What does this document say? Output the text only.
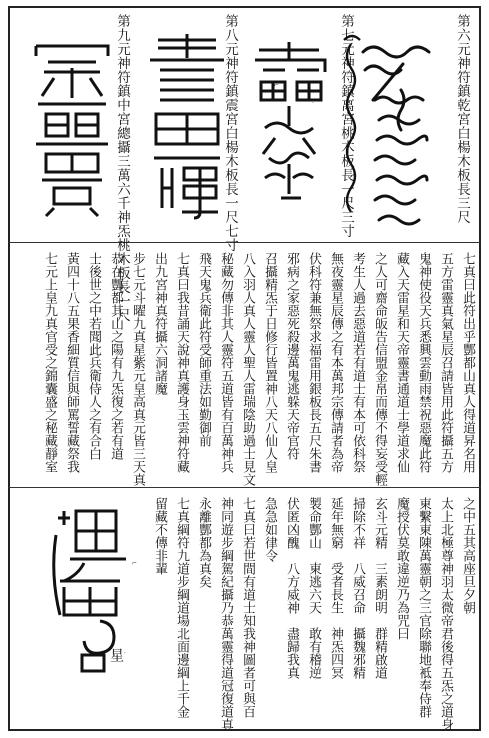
第六元神符鎮乾宮白楊木板長三尺
第七元神符鎮离宮桃木板長一尺三寸
第八元神符鎮震宮白楊木板長一尺七寸
第九元神符鎮中宮總攝三萬六千神炁桃木板長一尺	⌐
·
七真曰此符出乎酆都山真人得道昇名用
五方雷靈真氣星辰召請皆用此符攝五方
鬼神使役天兵悉興雲動雨禁祝惡魔此符
藏入天雷星和天帝靈書通道士學道求仙
之人可齋命皈告信盟金帛而傳不得妄受輕
考生人過去惡道若有道士有本可依科祭
無夜靈星辰傳之有本萬邦宗傳請者為帝
伏科符兼無祭求福雷用銀板長五尺朱書
邪病之家惡死殺邊萬鬼逃躲天帝官符
召攝精炁于日修行皆置神八天八仙人皇
八入羽人真人靈人聖人雷瑞陰助過士見文
秘藏勿傳非其人靈符五道皆有百萬神兵
飛天鬼兵衛此符受師重法如勤御前
七真曰我昔誦天說神真護身玉雲神符藏
出九宮神真符攝六洞諸魔
步七元斗曜九真星紫元皇高真元皆三天真
恭在酆都其山之陽有九炁復之若有道
士後世之中若聞此兵衛侍人之有合白
黃四十八五果香細質信與師罵誓藏祭我
七元上皇九真官受之錦囊盛之秘藏靜室
之中五其高座旦夕朝
太上北極尊神羽太微帝君後得五炁之道身
東繫東陳萬靈朝之三官除聯地袛奉侍群
魔授伏莫敢違逆乃為咒曰
玄斗元精　三素朗明　群精啟道
掃除不祥　八威召命　攝魏邪精
延年無窮　受者長生　神炁四冥
製命酆山　東逃六天　敢有稽逆
伏匿凶醜　八方威神　盡歸我真
急急如律令
七真曰若世間有道士知我神圖者可與百
神同遊步綱駕紀攝乃恭萬靈得道冠復道真
永離酆都為真矣
七真綱符九道步綱道場北面邊綱上千金
留藏不傳非輩
星
⌐
·
